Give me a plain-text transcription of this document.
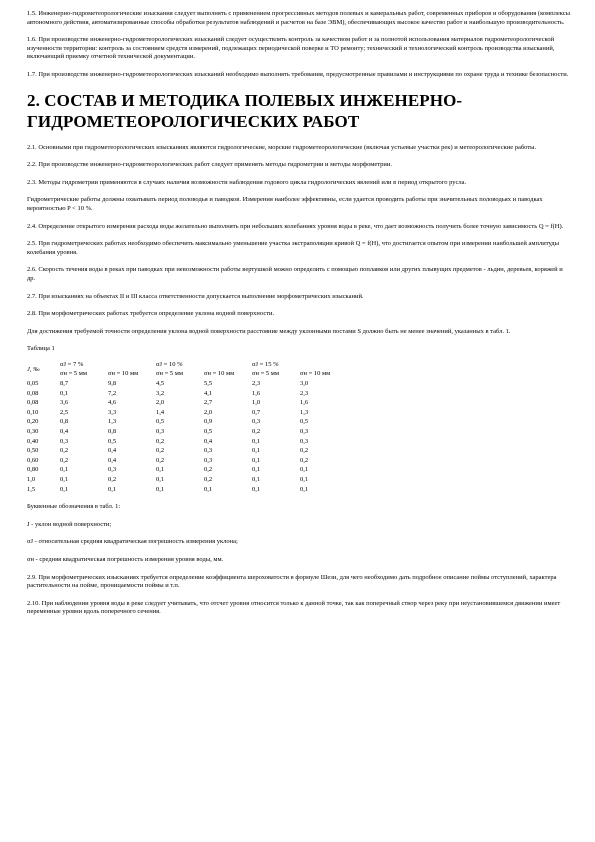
1.5. Инженерно-гидрометеорологические изыскания следует выполнять с применением прогрессивных методов полевых и камеральных работ, современных приборов и оборудования (комплексы автономного действия, автоматизированные способы обработки результатов наблюдений и расчетов на базе ЭВМ), обеспечивающих высокое качество работ и наибольшую производительность.

1.6. При производстве инженерно-гидрометеорологических изысканий следует осуществлять контроль за качеством работ и за полнотой использования материалов гидрометеорологической изученности территории: контроль за состоянием средств измерений, подлежащих периодической поверке и ТО ремонту; технический и технологический контроль производства изысканий, включающий приемку отчетной технической документации.

1.7. При производстве инженерно-гидрометеорологических изысканий необходимо выполнять требования, предусмотренные правилами и инструкциями по охране труда и технике безопасности.

2. СОСТАВ И МЕТОДИКА ПОЛЕВЫХ ИНЖЕНЕРНО-ГИДРОМЕТЕОРОЛОГИЧЕСКИХ РАБОТ

2.1. Основными при гидрометеорологических изысканиях являются гидрологические, морские гидрометеорологические (включая устьевые участки рек) и метеорологические работы.

2.2. При производстве инженерно-гидрометеорологических работ следует применять методы гидрометрии и методы морфометрии.

2.3. Методы гидрометрии применяются в случаях наличия возможности наблюдения годового цикла гидрологических явлений или в период открытого русла.

Гидрометрические работы должны охватывать период половодья и паводков. Измерения наиболее эффективны, если удается проводить работы при значительных половодьях и паводках вероятностью P < 10 %.

2.4. Определение открытого измерения расхода воды желательно выполнять при небольших колебаниях уровня воды в реке, что дает возможность получить более точную зависимость Q = f(H).

2.5. При гидрометрических работах необходимо обеспечить максимально уменьшение участка экстраполяции кривой Q = f(H), что достигается опытом при измерении наибольшей амплитуды колебания уровня.

2.6. Скорость течения воды в реках при паводках при невозможности работы вертушкой можно определить с помощью поплавков или других плывущих предметов - льдин, деревьев, коряжей и др.

2.7. При изысканиях на объектах II и III класса ответственности допускается выполнение морфометрических изысканий.

2.8. При морфометрических работах требуется определение уклона водной поверхности.

Для достижения требуемой точности определения уклона водной поверхности расстояние между уклонными постами S должно быть не менее значений, указанных в табл. 1.

Таблица 1

J, ‰	σJ = 7 %		σJ = 10 %		σJ = 15 %	
	σн = 5 мм	σн = 10 мм	σн = 5 мм	σн = 10 мм	σн = 5 мм	σн = 10 мм
0,05	8,7	9,8	4,5	5,5	2,3	3,0
0,08	0,1	7,2	3,2	4,1	1,6	2,3
0,08	3,6	4,6	2,0	2,7	1,0	1,6
0,10	2,5	3,3	1,4	2,0	0,7	1,3
0,20	0,8	1,3	0,5	0,9	0,3	0,5
0,30	0,4	0,8	0,3	0,5	0,2	0,3
0,40	0,3	0,5	0,2	0,4	0,1	0,3
0,50	0,2	0,4	0,2	0,3	0,1	0,2
0,60	0,2	0,4	0,2	0,3	0,1	0,2
0,80	0,1	0,3	0,1	0,2	0,1	0,1
1,0	0,1	0,2	0,1	0,2	0,1	0,1
1,5	0,1	0,1	0,1	0,1	0,1	0,1

Буквенные обозначения в табл. 1:

J - уклон водной поверхности;

σJ - относительная средняя квадратическая погрешность измерения уклона;

σн - средняя квадратическая погрешность измерения уровня воды, мм.

2.9. При морфометрических изысканиях требуется определение коэффициента шероховатости в формуле Шези, для чего необходимо дать подробное описание поймы отступлений, характера растительности на пойме, проницаемости поймы и т.п.

2.10. При наблюдении уровня воды в реке следует учитывать, что отсчет уровня относится только к данной точке, так как поперечный створ через реку при неустановившемся движении имеет переменные уровни вдоль поперечного сечения.
